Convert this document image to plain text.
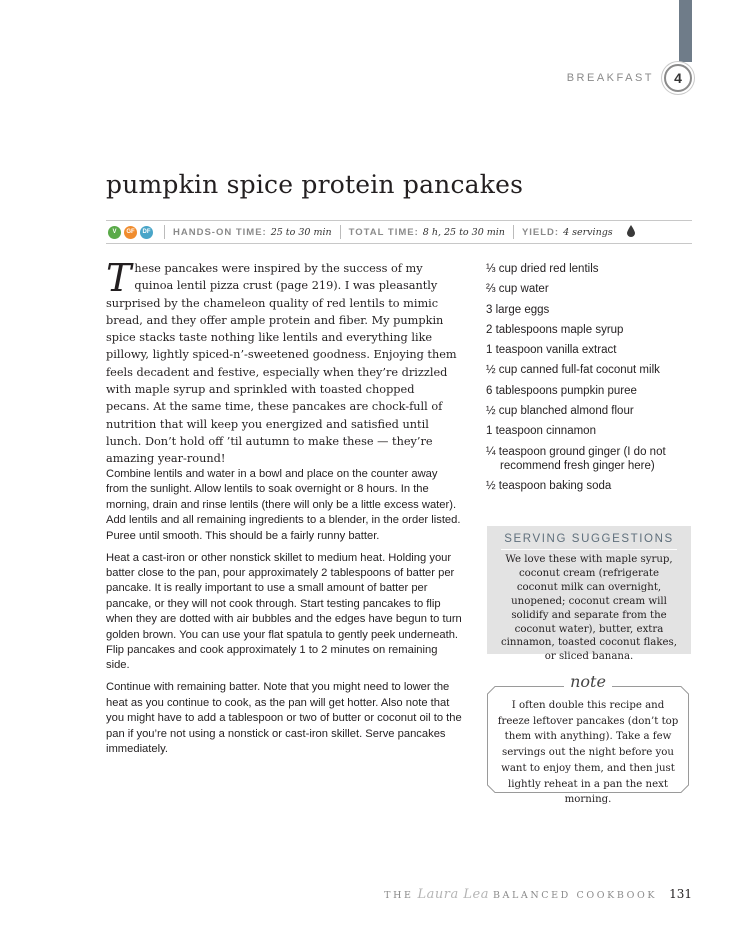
BREAKFAST	4
pumpkin spice protein pancakes
V	GF	DF HANDS-ON TIME: 25 to 30 min TOTAL TIME: 8 h, 25 to 30 min YIELD: 4 servings

These pancakes were inspired by the success of my quinoa lentil pizza crust (page 219). I was pleasantly surprised by the chameleon quality of red lentils to mimic bread, and they offer ample protein and fiber. My pumpkin spice stacks taste nothing like lentils and everything like pillowy, lightly spiced-n’-sweetened goodness. Enjoying them feels decadent and festive, especially when they’re drizzled with maple syrup and sprinkled with toasted chopped pecans. At the same time, these pancakes are chock-full of nutrition that will keep you energized and satisfied until lunch. Don’t hold off ’til autumn to make these — they’re amazing year-round!

⅓ cup dried red lentils
⅔ cup water
3 large eggs
2 tablespoons maple syrup
1 teaspoon vanilla extract
½ cup canned full-fat coconut milk
6 tablespoons pumpkin puree
½ cup blanched almond flour
1 teaspoon cinnamon
¼ teaspoon ground ginger (I do not recommend fresh ginger here)
½ teaspoon baking soda

Combine lentils and water in a bowl and place on the counter away from the sunlight. Allow lentils to soak overnight or 8 hours. In the morning, drain and rinse lentils (there will only be a little excess water). Add lentils and all remaining ingredients to a blender, in the order listed. Puree until smooth. This should be a fairly runny batter.

Heat a cast-iron or other nonstick skillet to medium heat. Holding your batter close to the pan, pour approximately 2 tablespoons of batter per pancake. It is really important to use a small amount of batter per pancake, or they will not cook through. Start testing pancakes to flip when they are dotted with air bubbles and the edges have begun to turn golden brown. You can use your flat spatula to gently peek underneath. Flip pancakes and cook approximately 1 to 2 minutes on remaining side.

Continue with remaining batter. Note that you might need to lower the heat as you continue to cook, as the pan will get hotter. Also note that you might have to add a tablespoon or two of butter or coconut oil to the pan if you’re not using a nonstick or cast-iron skillet. Serve pancakes immediately.

SERVING SUGGESTIONS
We love these with maple syrup, coconut cream (refrigerate coconut milk can overnight, unopened; coconut cream will solidify and separate from the coconut water), butter, extra cinnamon, toasted coconut flakes, or sliced banana.
note
I often double this recipe and freeze leftover pancakes (don’t top them with anything). Take a few servings out the night before you want to enjoy them, and then just lightly reheat in a pan the next morning.
THE Laura Lea BALANCED COOKBOOK 131
